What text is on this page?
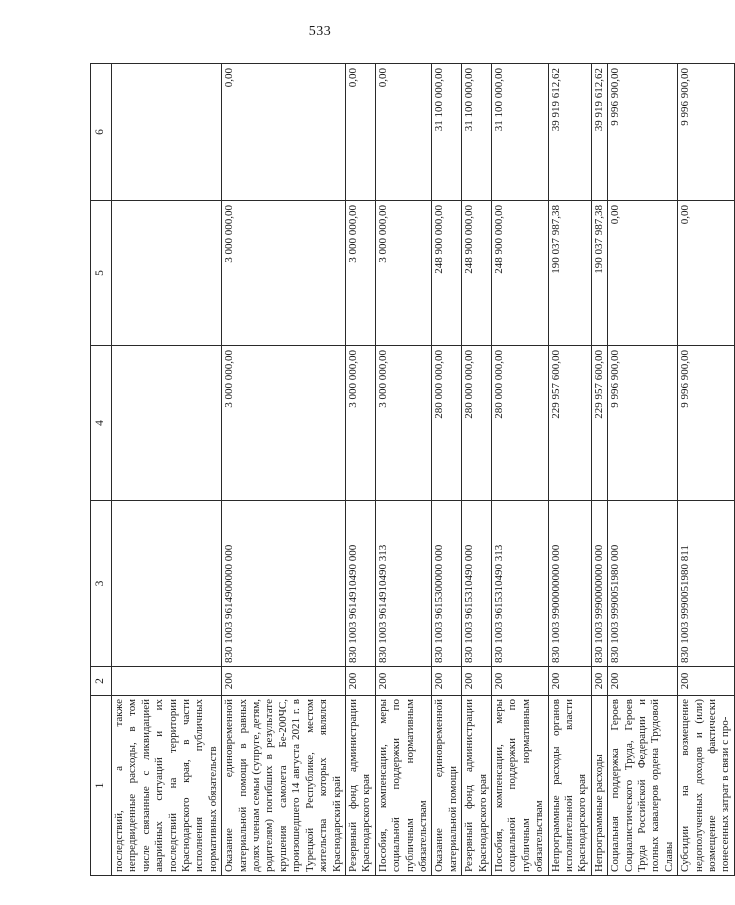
533
1	2	3	4	5	6
последствий, а также непредвиденные расходы, в том числе связанные с ликвидацией аварийных ситуаций и их последствий на территории Краснодарского края, в части исполнения публичных нормативных обязательств					
Оказание единовременной материальной помощи в равных долях членам семьи (супруге, детям, родителям) погибших в результате крушения самолета Бе-200ЧС, произошедшего 14 августа 2021 г. в Турецкой Республике, местом жительства которых являлся Краснодарский край	200	830 1003 9614900000 000	3 000 000,00	3 000 000,00	0,00
Резервный фонд администрации Краснодарского края	200	830 1003 9614910490 000	3 000 000,00	3 000 000,00	0,00
Пособия, компенсации, меры социальной поддержки по публичным нормативным обязательствам	200	830 1003 9614910490 313	3 000 000,00	3 000 000,00	0,00
Оказание единовременной материальной помощи	200	830 1003 9615300000 000	280 000 000,00	248 900 000,00	31 100 000,00
Резервный фонд администрации Краснодарского края	200	830 1003 9615310490 000	280 000 000,00	248 900 000,00	31 100 000,00
Пособия, компенсации, меры социальной поддержки по публичным нормативным обязательствам	200	830 1003 9615310490 313	280 000 000,00	248 900 000,00	31 100 000,00
Непрограммные расходы органов исполнительной власти Краснодарского края	200	830 1003 9900000000 000	229 957 600,00	190 037 987,38	39 919 612,62
Непрограммные расходы	200	830 1003 9990000000 000	229 957 600,00	190 037 987,38	39 919 612,62
Социальная поддержка Героев Социалистического Труда, Героев Труда Российской Федерации и полных кавалеров ордена Трудовой Славы	200	830 1003 9990051980 000	9 996 900,00	0,00	9 996 900,00
Субсидии на возмещение недополученных доходов и (или) возмещение фактически понесенных затрат в связи с про-	200	830 1003 9990051980 811	9 996 900,00	0,00	9 996 900,00
